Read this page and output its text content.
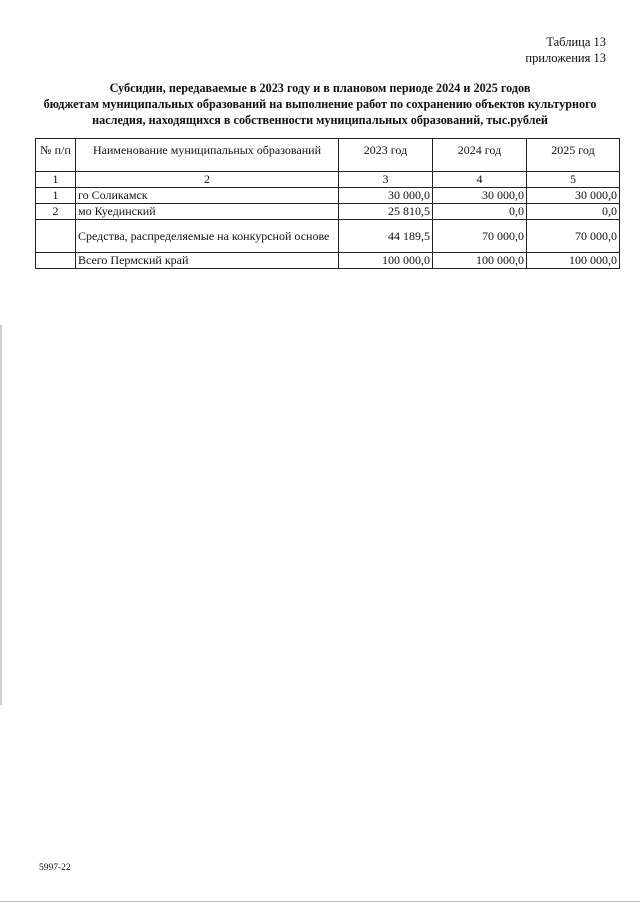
Таблица 13
приложения 13
Субсидии, передаваемые в 2023 году и в плановом периоде 2024 и 2025 годов
бюджетам муниципальных образований на выполнение работ по сохранению объектов культурного
наследия, находящихся в собственности муниципальных образований, тыс.рублей
№ п/п	Наименование муниципальных образований	2023 год	2024 год	2025 год
1	2	3	4	5
1	го Соликамск	30 000,0	30 000,0	30 000,0
2	мо Куединский	25 810,5	0,0	0,0
	Средства, распределяемые на конкурсной основе	44 189,5	70 000,0	70 000,0
	Всего Пермский край	100 000,0	100 000,0	100 000,0
5997-22
